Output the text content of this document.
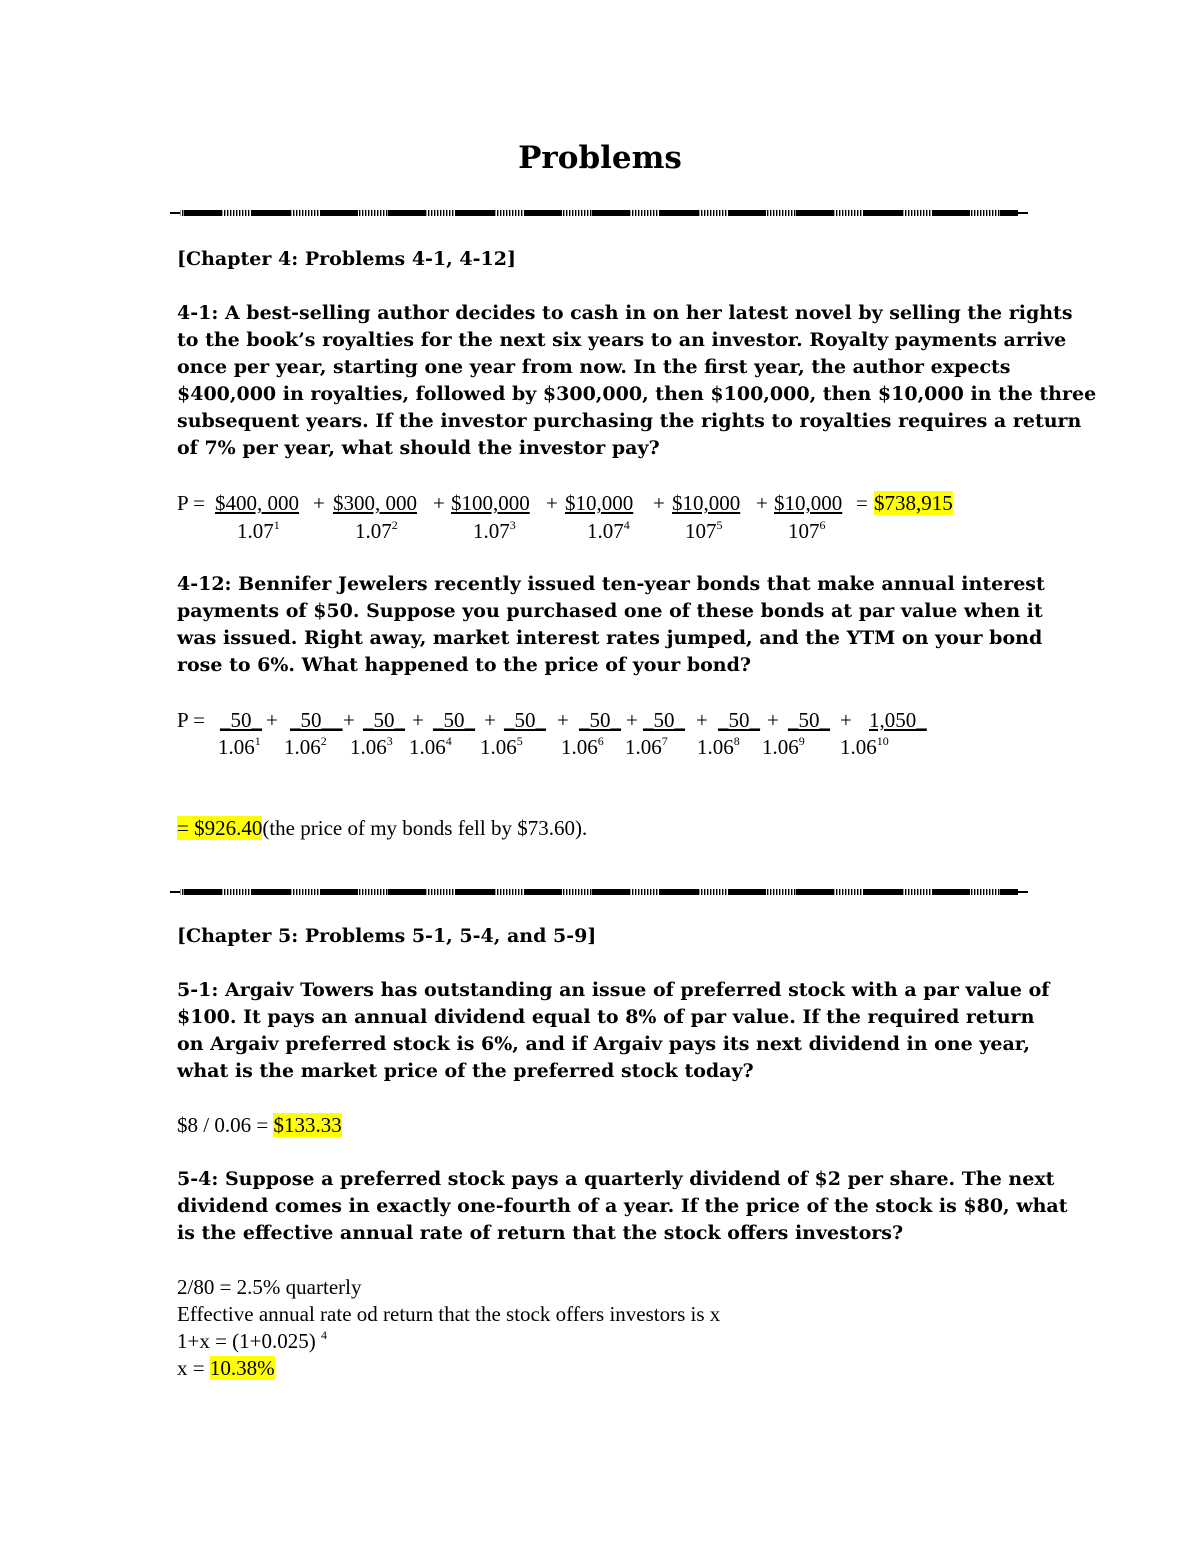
Problems
[Chapter 4: Problems 4-1, 4-12]
4-1: A best-selling author decides to cash in on her latest novel by selling the rights
to the book’s royalties for the next six years to an investor. Royalty payments arrive
once per year, starting one year from now. In the first year, the author expects
$400,000 in royalties, followed by $300,000, then $100,000, then $10,000 in the three
subsequent years. If the investor purchasing the rights to royalties requires a return
of 7% per year, what should the investor pay?
P = $400, 000 + $300, 000 + $100,000 + $10,000 + $10,000 + $10,000 = $738,915
1.07$^1$	1.07$^2$	1.07$^3$	1.07$^4$	$107^5$	$107^6$
4-12: Bennifer Jewelers recently issued ten-year bonds that make annual interest
payments of $50. Suppose you purchased one of these bonds at par value when it
was issued. Right away, market interest rates jumped, and the YTM on your bond
rose to 6%. What happened to the price of your bond?
P = _50_ + _50__ + _50_ + _50_ + _50_ + _50_ + _50_ + _50_ + _50_ + 1,050_
1.06$^1$ 1.06$^2$ 1.06$^3$ 1.06$^4$ 1.06$^5$ 1.06$^6$ 1.06$^7$ 1.06$^8$ 1.06$^9$ $1.06^{10}$
= $926.40(the price of my bonds fell by $73.60).
[Chapter 5: Problems 5-1, 5-4, and 5-9]
5-1: Argaiv Towers has outstanding an issue of preferred stock with a par value of
$100. It pays an annual dividend equal to 8% of par value. If the required return
on Argaiv preferred stock is 6%, and if Argaiv pays its next dividend in one year,
what is the market price of the preferred stock today?
$8 / 0.06 = $133.33
5-4: Suppose a preferred stock pays a quarterly dividend of $2 per share. The next
dividend comes in exactly one-fourth of a year. If the price of the stock is $80, what
is the effective annual rate of return that the stock offers investors?
2/80 = 2.5% quarterly
Effective annual rate od return that the stock offers investors is x
1+x = (1+0.025) $^4$
x = 10.38%
